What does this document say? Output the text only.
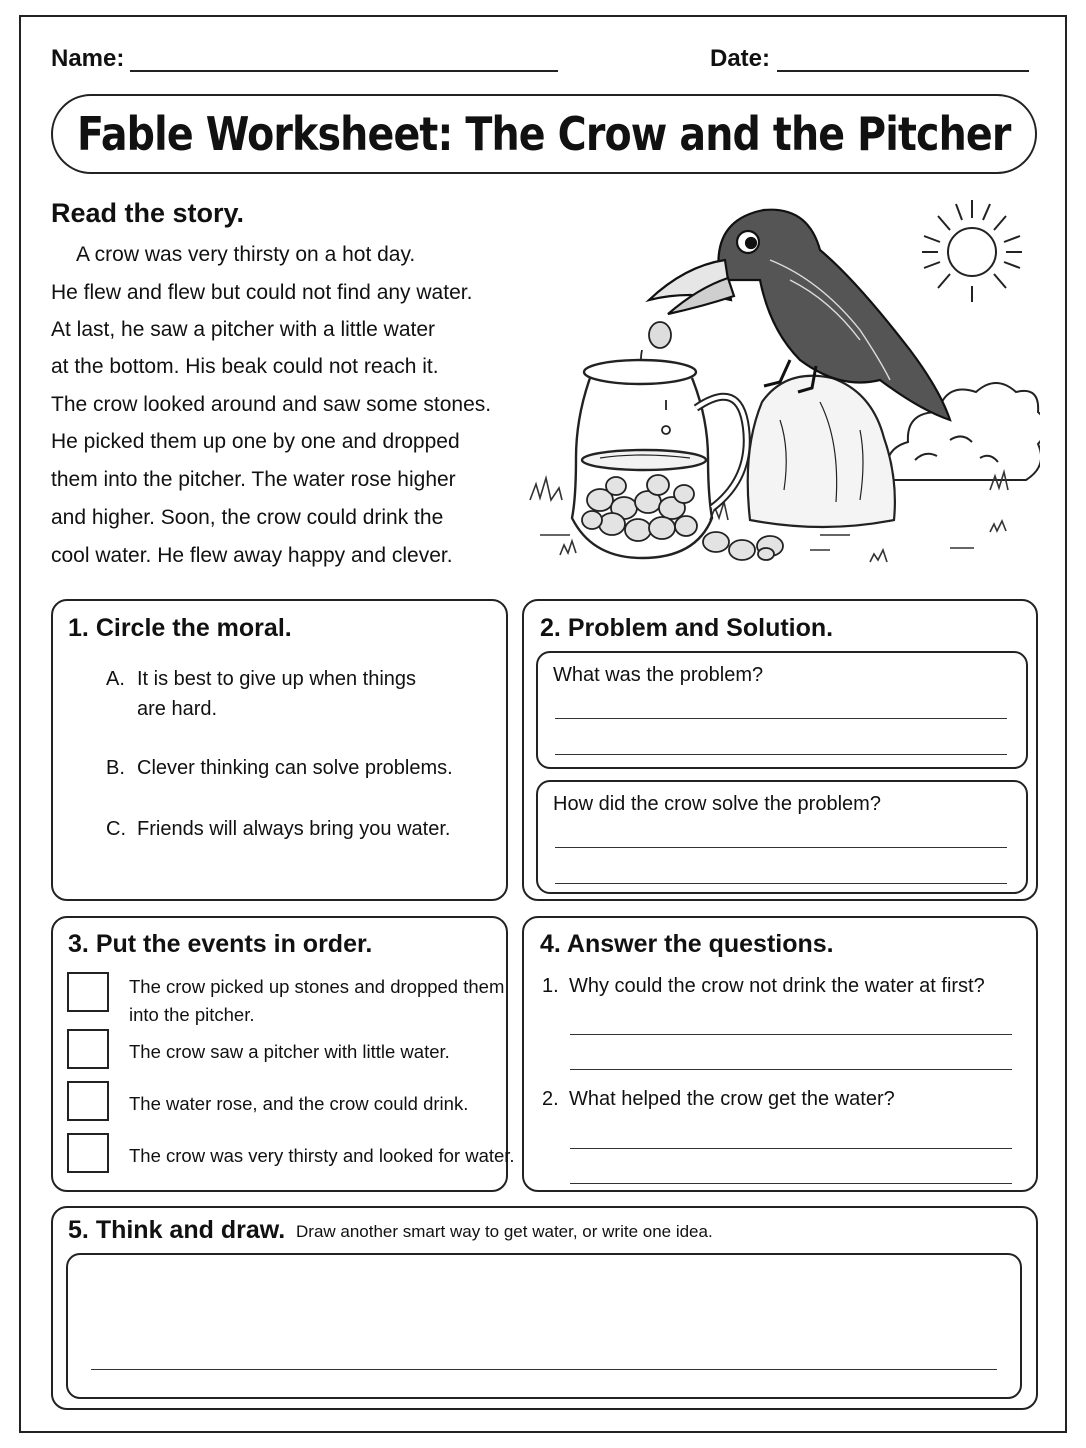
Name:	Date:
Fable Worksheet: The Crow and the Pitcher
Read the story.
A crow was very thirsty on a hot day.
He flew and flew but could not find any water.
At last, he saw a pitcher with a little water
at the bottom. His beak could not reach it.
The crow looked around and saw some stones.
He picked them up one by one and dropped
them into the pitcher. The water rose higher
and higher. Soon, the crow could drink the
cool water. He flew away happy and clever.
1. Circle the moral.
A. It is best to give up when things
are hard.
B. Clever thinking can solve problems.
C. Friends will always bring you water.
2. Problem and Solution.
What was the problem?
How did the crow solve the problem?
3. Put the events in order.
The crow picked up stones and dropped them
into the pitcher.
The crow saw a pitcher with little water.
The water rose, and the crow could drink.
The crow was very thirsty and looked for water.
4. Answer the questions.
1. Why could the crow not drink the water at first?
2. What helped the crow get the water?
5. Think and draw. Draw another smart way to get water, or write one idea.
